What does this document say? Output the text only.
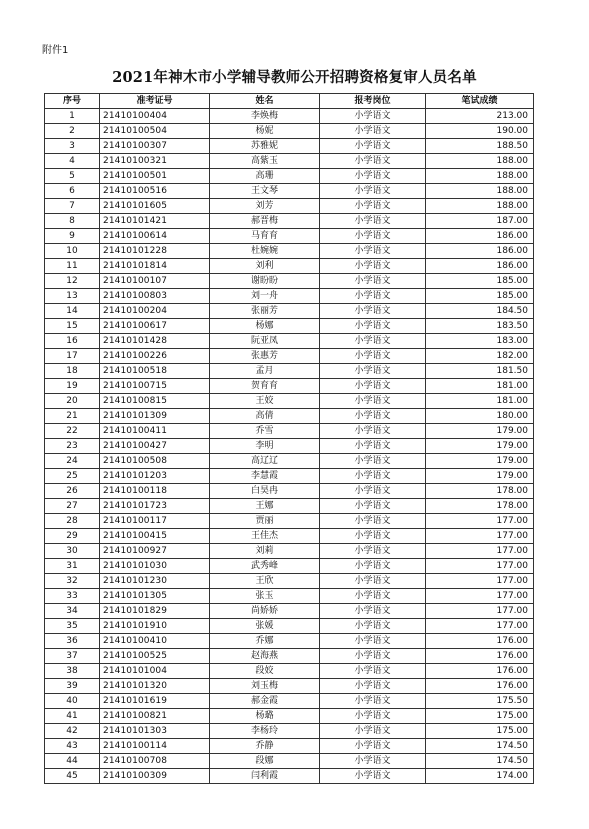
附件1
2021年神木市小学辅导教师公开招聘资格复审人员名单
序号	准考证号	姓名	报考岗位	笔试成绩
1	21410100404	李焕梅	小学语文	213.00
2	21410100504	杨妮	小学语文	190.00
3	21410100307	苏雅妮	小学语文	188.50
4	21410100321	高紫玉	小学语文	188.00
5	21410100501	高珊	小学语文	188.00
6	21410100516	王文琴	小学语文	188.00
7	21410101605	刘芳	小学语文	188.00
8	21410101421	郝晋梅	小学语文	187.00
9	21410100614	马育育	小学语文	186.00
10	21410101228	杜婉婉	小学语文	186.00
11	21410101814	刘利	小学语文	186.00
12	21410100107	谢盼盼	小学语文	185.00
13	21410100803	刘一舟	小学语文	185.00
14	21410100204	张丽芳	小学语文	184.50
15	21410100617	杨娜	小学语文	183.50
16	21410101428	阮亚凤	小学语文	183.00
17	21410100226	张惠芳	小学语文	182.00
18	21410100518	孟月	小学语文	181.50
19	21410100715	贺育育	小学语文	181.00
20	21410100815	王姣	小学语文	181.00
21	21410101309	高倩	小学语文	180.00
22	21410100411	乔雪	小学语文	179.00
23	21410100427	李明	小学语文	179.00
24	21410100508	高辽辽	小学语文	179.00
25	21410101203	李慧霞	小学语文	179.00
26	21410100118	白昊冉	小学语文	178.00
27	21410101723	王娜	小学语文	178.00
28	21410100117	贾丽	小学语文	177.00
29	21410100415	王佳杰	小学语文	177.00
30	21410100927	刘莉	小学语文	177.00
31	21410101030	武秀峰	小学语文	177.00
32	21410101230	王欣	小学语文	177.00
33	21410101305	张玉	小学语文	177.00
34	21410101829	尚娇娇	小学语文	177.00
35	21410101910	张媛	小学语文	177.00
36	21410100410	乔娜	小学语文	176.00
37	21410100525	赵海燕	小学语文	176.00
38	21410101004	段姣	小学语文	176.00
39	21410101320	刘玉梅	小学语文	176.00
40	21410101619	郝金霞	小学语文	175.50
41	21410100821	杨璐	小学语文	175.00
42	21410101303	李杨玲	小学语文	175.00
43	21410100114	乔静	小学语文	174.50
44	21410100708	段娜	小学语文	174.50
45	21410100309	闫利霞	小学语文	174.00
